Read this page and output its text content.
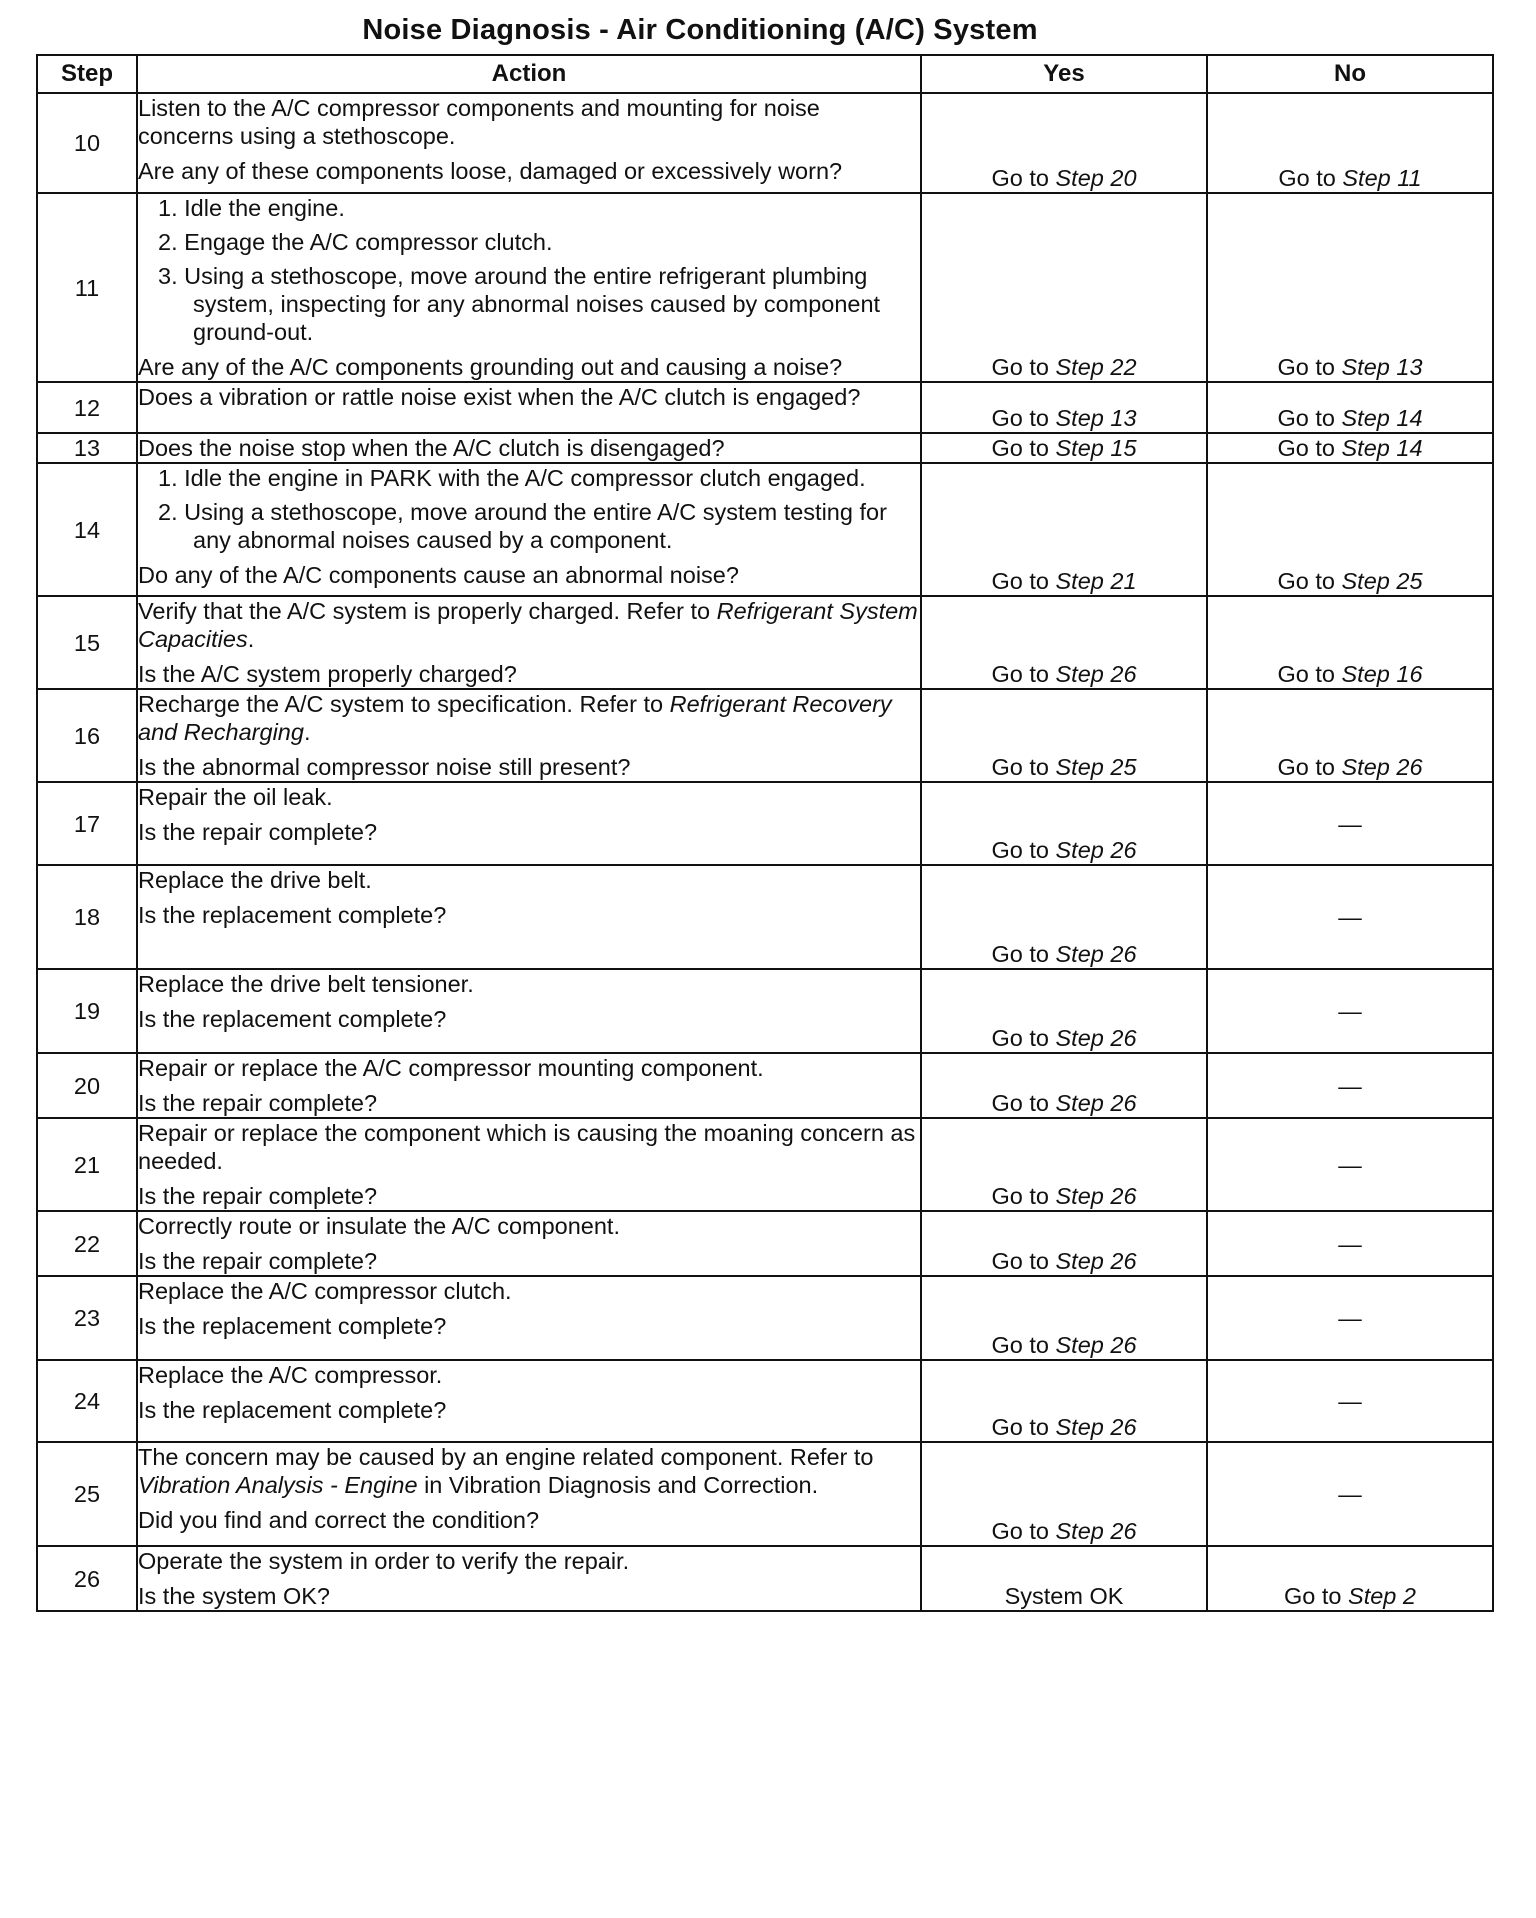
Noise Diagnosis - Air Conditioning (A/C) System
Step	Action	Yes	No
10	Listen to the A/C compressor components and mounting for noise concerns using a stethoscope.
Are any of these components loose, damaged or excessively worn?	Go to Step 20	Go to Step 11
11	1. Idle the engine.
2. Engage the A/C compressor clutch.
3. Using a stethoscope, move around the entire refrigerant plumbing system, inspecting for any abnormal noises caused by component ground-out.
Are any of the A/C components grounding out and causing a noise?	Go to Step 22	Go to Step 13
12	Does a vibration or rattle noise exist when the A/C clutch is engaged?	Go to Step 13	Go to Step 14
13	Does the noise stop when the A/C clutch is disengaged?	Go to Step 15	Go to Step 14
14	1. Idle the engine in PARK with the A/C compressor clutch engaged.
2. Using a stethoscope, move around the entire A/C system testing for any abnormal noises caused by a component.
Do any of the A/C components cause an abnormal noise?	Go to Step 21	Go to Step 25
15	Verify that the A/C system is properly charged. Refer to Refrigerant System Capacities.
Is the A/C system properly charged?	Go to Step 26	Go to Step 16
16	Recharge the A/C system to specification. Refer to Refrigerant Recovery and Recharging.
Is the abnormal compressor noise still present?	Go to Step 25	Go to Step 26
17	Repair the oil leak.
Is the repair complete?	Go to Step 26	—
18	Replace the drive belt.
Is the replacement complete?	Go to Step 26	—
19	Replace the drive belt tensioner.
Is the replacement complete?	Go to Step 26	—
20	Repair or replace the A/C compressor mounting component.
Is the repair complete?	Go to Step 26	—
21	Repair or replace the component which is causing the moaning concern as needed.
Is the repair complete?	Go to Step 26	—
22	Correctly route or insulate the A/C component.
Is the repair complete?	Go to Step 26	—
23	Replace the A/C compressor clutch.
Is the replacement complete?	Go to Step 26	—
24	Replace the A/C compressor.
Is the replacement complete?	Go to Step 26	—
25	The concern may be caused by an engine related component. Refer to Vibration Analysis - Engine in Vibration Diagnosis and Correction.
Did you find and correct the condition?	Go to Step 26	—
26	Operate the system in order to verify the repair.
Is the system OK?	System OK	Go to Step 2
